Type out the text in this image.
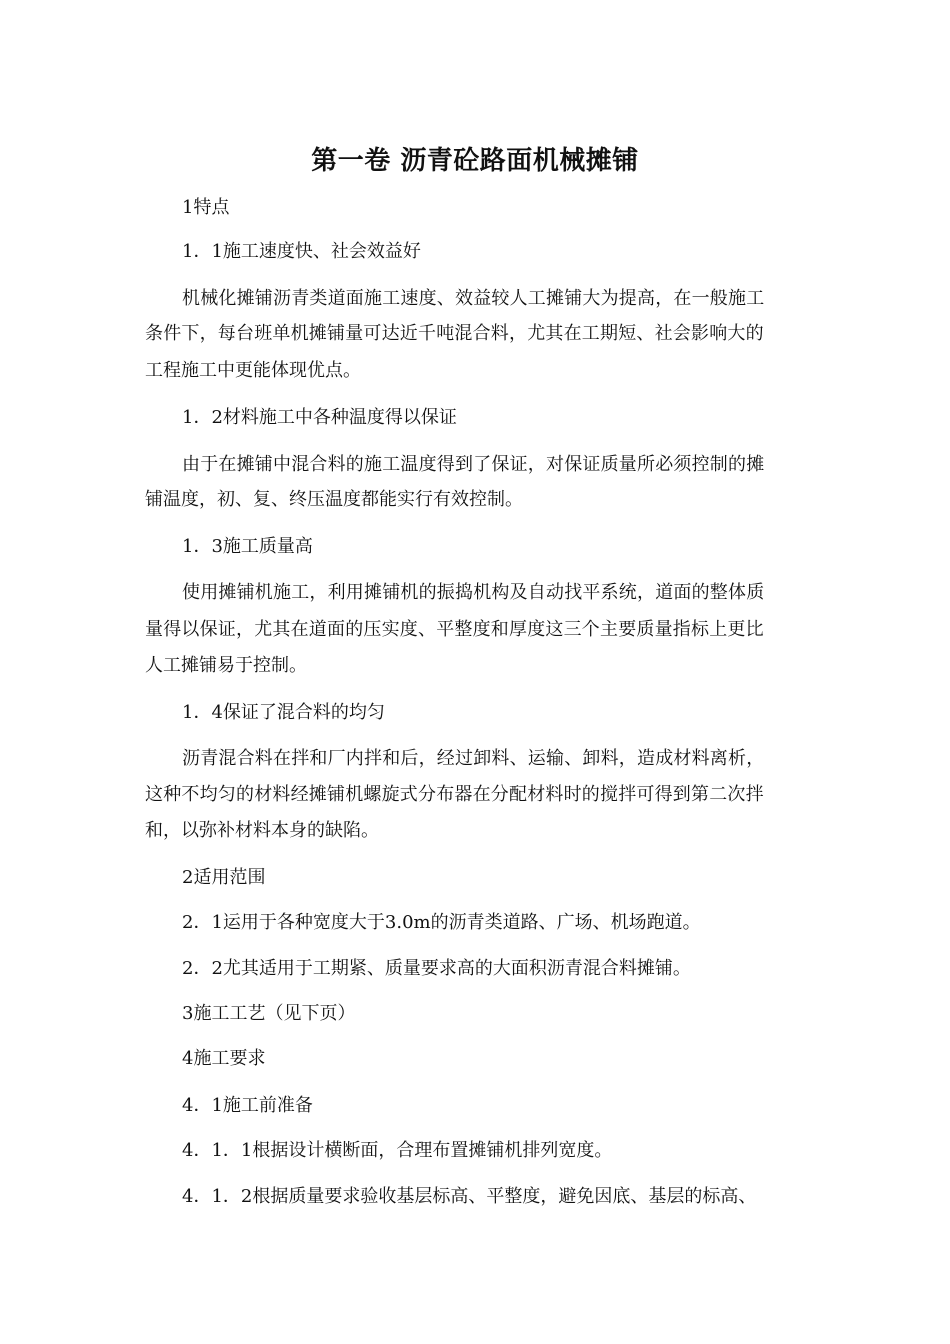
第一卷 沥青砼路面机械摊铺

1特点

1．1施工速度快、社会效益好

机械化摊铺沥青类道面施工速度、效益较人工摊铺大为提高，在一般施工

条件下，每台班单机摊铺量可达近千吨混合料，尤其在工期短、社会影响大的

工程施工中更能体现优点。

1．2材料施工中各种温度得以保证

由于在摊铺中混合料的施工温度得到了保证，对保证质量所必须控制的摊

铺温度，初、复、终压温度都能实行有效控制。

1．3施工质量高

使用摊铺机施工，利用摊铺机的振捣机构及自动找平系统，道面的整体质

量得以保证，尤其在道面的压实度、平整度和厚度这三个主要质量指标上更比

人工摊铺易于控制。

1．4保证了混合料的均匀

沥青混合料在拌和厂内拌和后，经过卸料、运输、卸料，造成材料离析，

这种不均匀的材料经摊铺机螺旋式分布器在分配材料时的搅拌可得到第二次拌

和，以弥补材料本身的缺陷。

2适用范围

2．1运用于各种宽度大于3.0m的沥青类道路、广场、机场跑道。

2．2尤其适用于工期紧、质量要求高的大面积沥青混合料摊铺。

3施工工艺（见下页）

4施工要求

4．1施工前准备

4．1．1根据设计横断面，合理布置摊铺机排列宽度。

4．1．2根据质量要求验收基层标高、平整度，避免因底、基层的标高、
